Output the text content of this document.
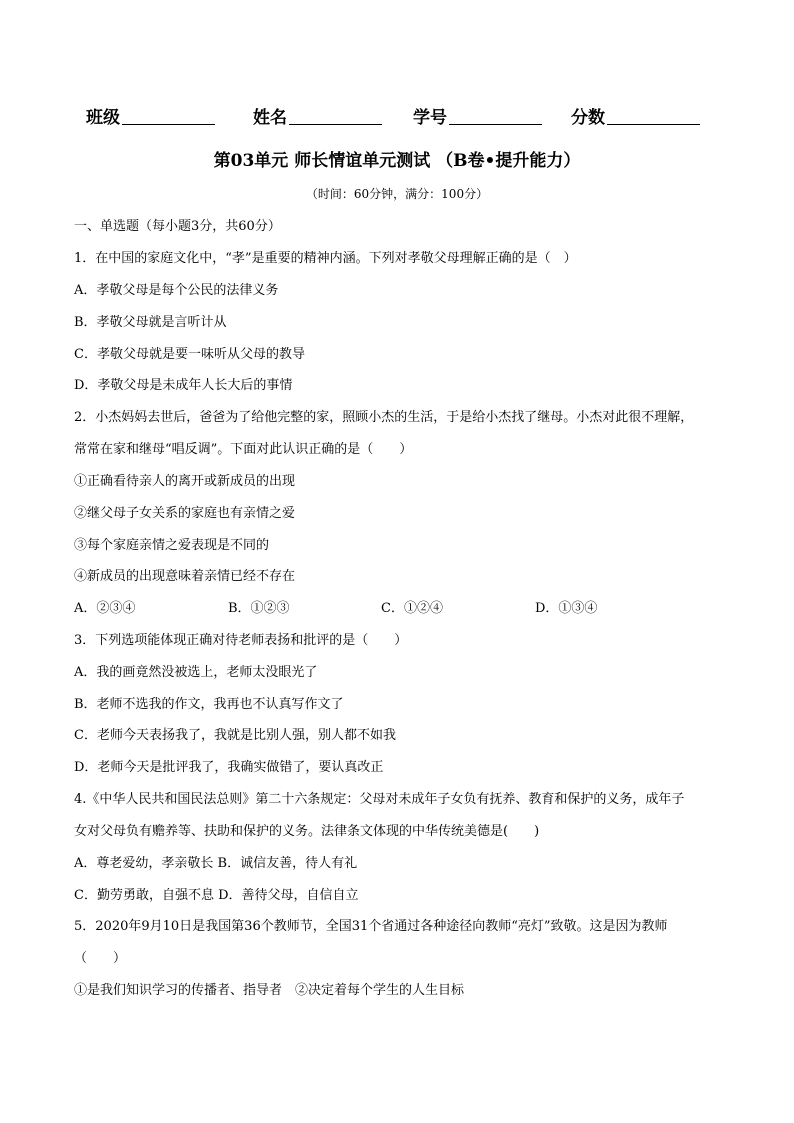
班级	姓名	学号	分数
第03单元 师长情谊单元测试 （B卷•提升能力）
（时间：60分钟，满分：100分）
一、单选题（每小题3分，共60分）
1．在中国的家庭文化中，“孝”是重要的精神内涵。下列对孝敬父母理解正确的是（　）
A．孝敬父母是每个公民的法律义务
B．孝敬父母就是言听计从
C．孝敬父母就是要一味听从父母的教导
D．孝敬父母是未成年人长大后的事情
2．小杰妈妈去世后，爸爸为了给他完整的家，照顾小杰的生活，于是给小杰找了继母。小杰对此很不理解，
常常在家和继母“唱反调”。下面对此认识正确的是（　　）
①正确看待亲人的离开或新成员的出现
②继父母子女关系的家庭也有亲情之爱
③每个家庭亲情之爱表现是不同的
④新成员的出现意味着亲情已经不存在
A．②③④	B．①②③	C．①②④	D．①③④
3．下列选项能体现正确对待老师表扬和批评的是（　　）
A．我的画竟然没被选上，老师太没眼光了
B．老师不选我的作文，我再也不认真写作文了
C．老师今天表扬我了，我就是比别人强，别人都不如我
D．老师今天是批评我了，我确实做错了，要认真改正
4.《中华人民共和国民法总则》第二十六条规定：父母对未成年子女负有抚养、教育和保护的义务，成年子
女对父母负有赡养等、扶助和保护的义务。法律条文体现的中华传统美德是(　　)
A．尊老爱幼，孝亲敬长 B．诚信友善，待人有礼
C．勤劳勇敢，自强不息 D．善待父母，自信自立
5．2020年9月10日是我国第36个教师节，全国31个省通过各种途径向教师“亮灯”致敬。这是因为教师
（　　）
①是我们知识学习的传播者、指导者　②决定着每个学生的人生目标
